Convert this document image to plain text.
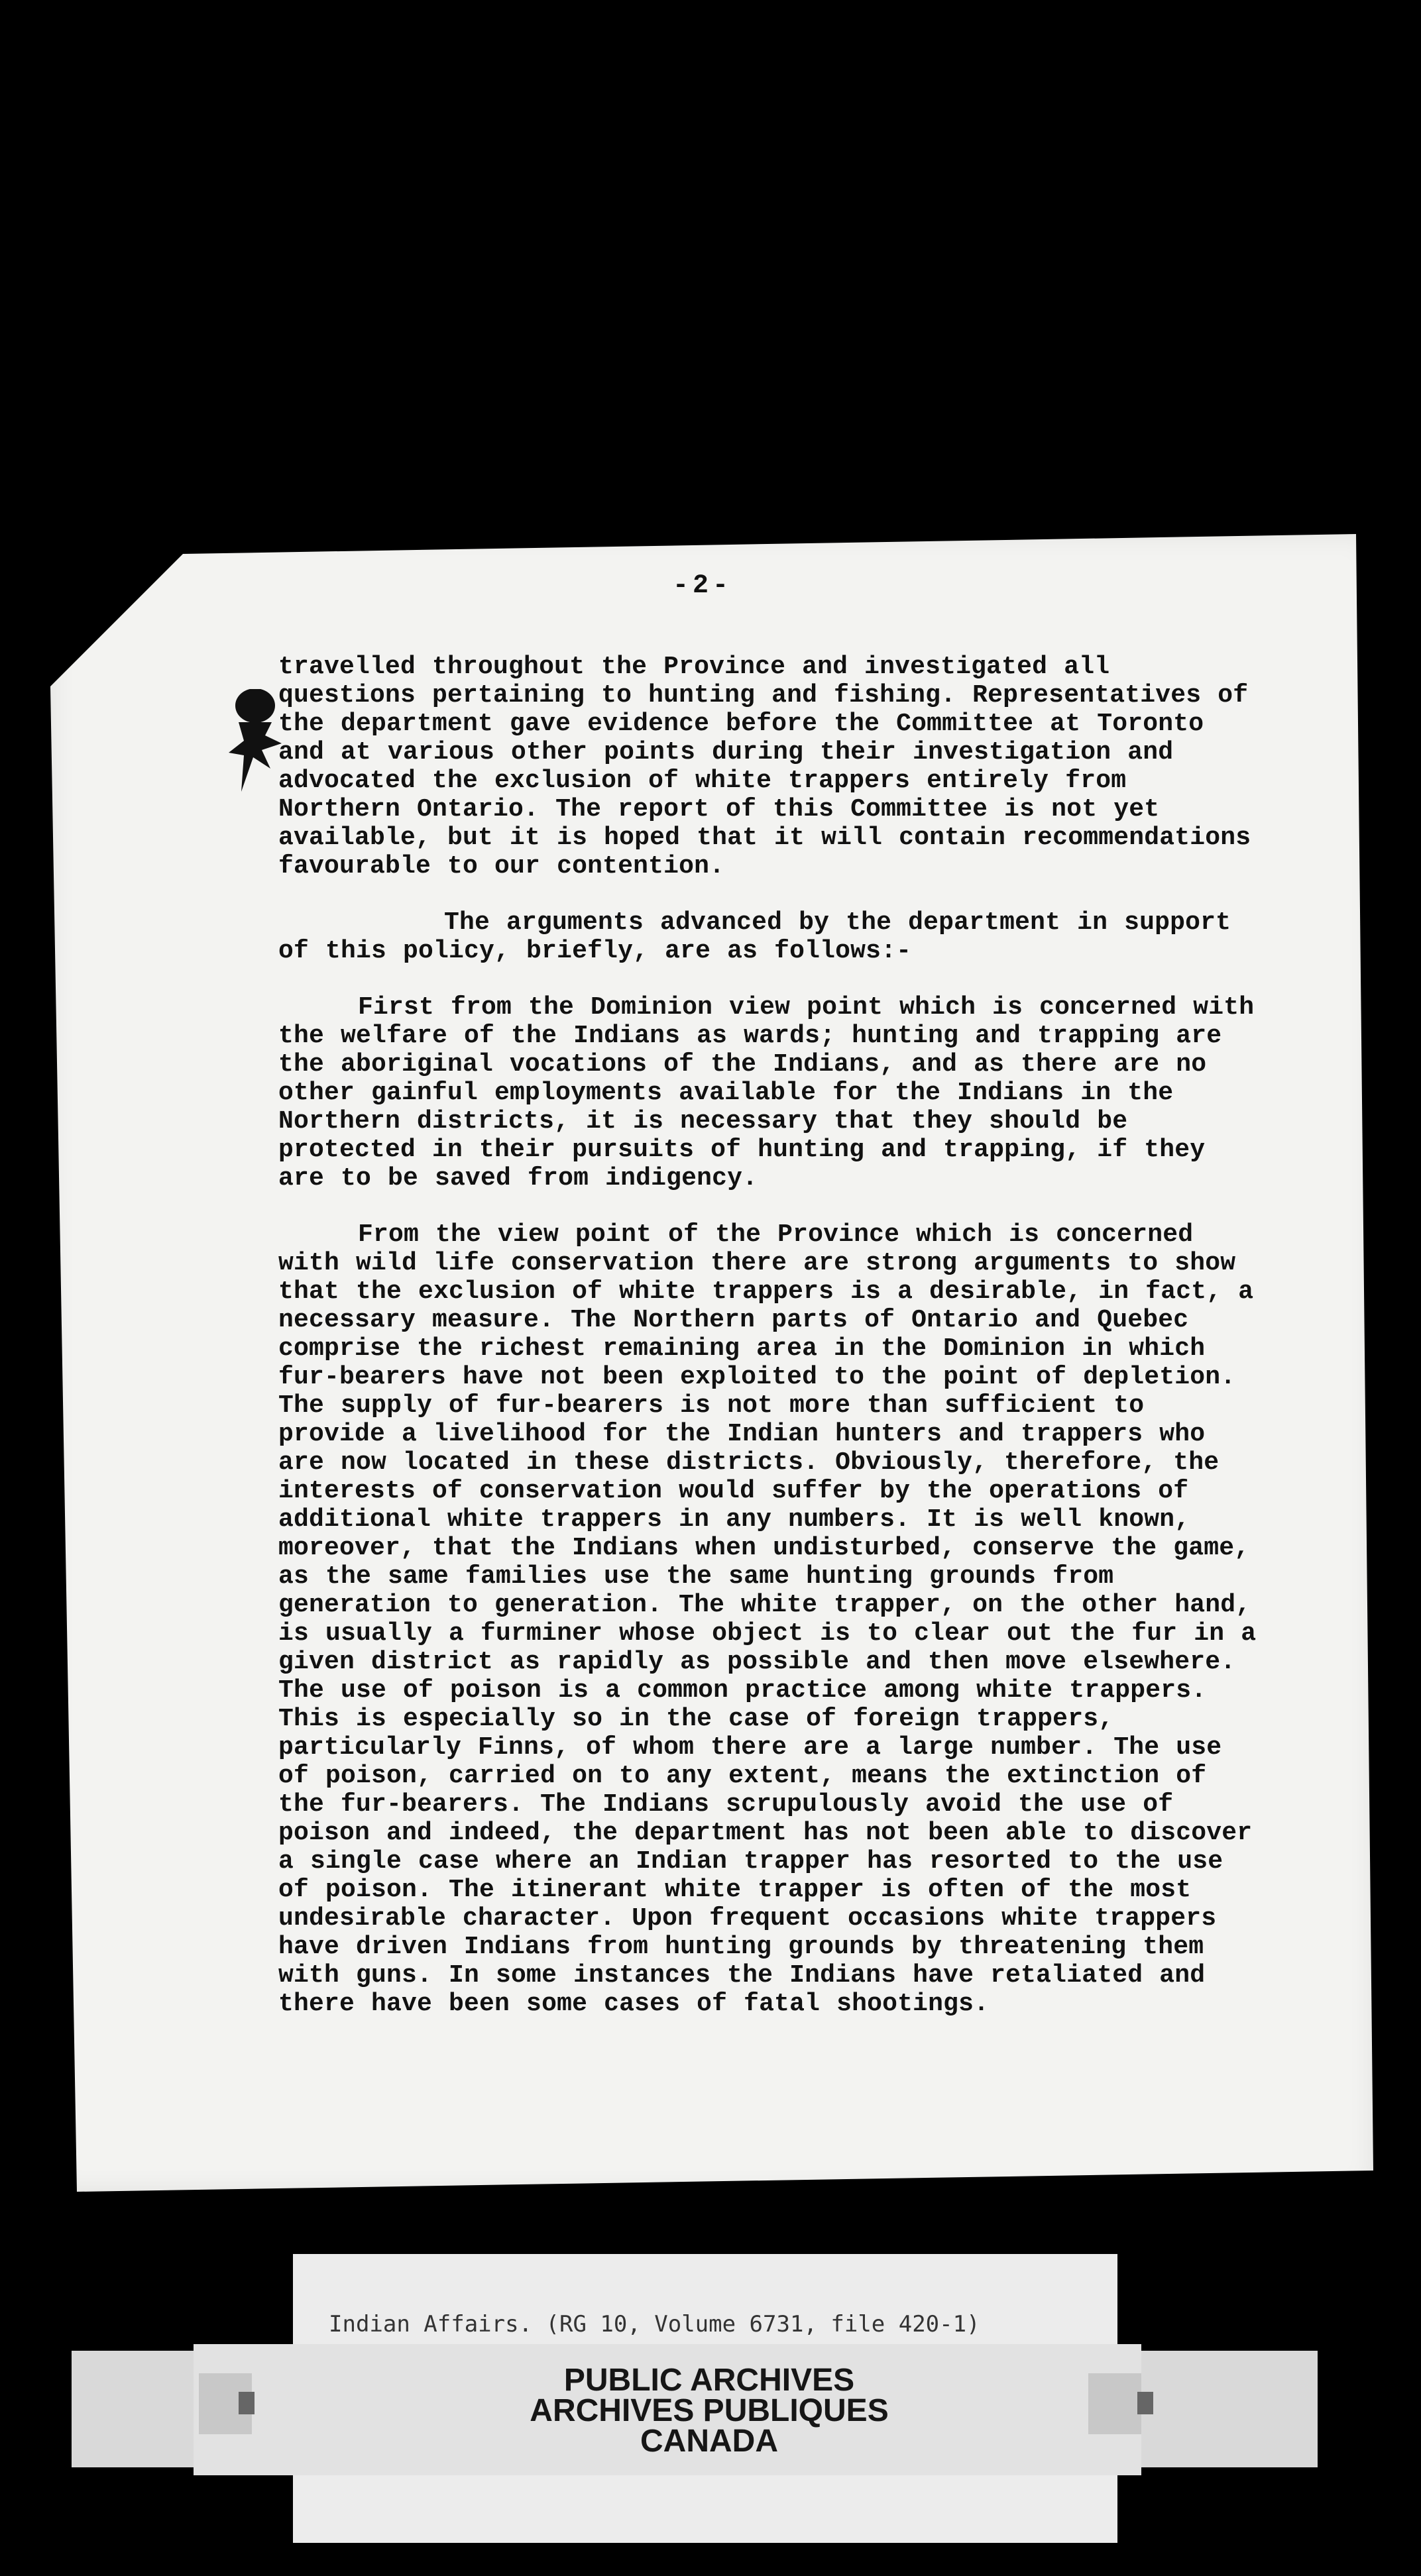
-2-

travelled throughout the Province and investigated all questions pertaining to hunting and fishing. Representatives of the department gave evidence before the Committee at Toronto and at various other points during their investigation and advocated the exclusion of white trappers entirely from Northern Ontario. The report of this Committee is not yet available, but it is hoped that it will contain recommendations favourable to our contention.

The arguments advanced by the department in support of this policy, briefly, are as follows:-

First from the Dominion view point which is concerned with the welfare of the Indians as wards; hunting and trapping are the aboriginal vocations of the Indians, and as there are no other gainful employments available for the Indians in the Northern districts, it is necessary that they should be protected in their pursuits of hunting and trapping, if they are to be saved from indigency.

From the view point of the Province which is concerned with wild life conservation there are strong arguments to show that the exclusion of white trappers is a desirable, in fact, a necessary measure. The Northern parts of Ontario and Quebec comprise the richest remaining area in the Dominion in which fur-bearers have not been exploited to the point of depletion. The supply of fur-bearers is not more than sufficient to provide a livelihood for the Indian hunters and trappers who are now located in these districts. Obviously, therefore, the interests of conservation would suffer by the operations of additional white trappers in any numbers. It is well known, moreover, that the Indians when undisturbed, conserve the game, as the same families use the same hunting grounds from generation to generation. The white trapper, on the other hand, is usually a furminer whose object is to clear out the fur in a given district as rapidly as possible and then move elsewhere. The use of poison is a common practice among white trappers. This is especially so in the case of foreign trappers, particularly Finns, of whom there are a large number. The use of poison, carried on to any extent, means the extinction of the fur-bearers. The Indians scrupulously avoid the use of poison and indeed, the department has not been able to discover a single case where an Indian trapper has resorted to the use of poison. The itinerant white trapper is often of the most undesirable character. Upon frequent occasions white trappers have driven Indians from hunting grounds by threatening them with guns. In some instances the Indians have retaliated and there have been some cases of fatal shootings.

Indian Affairs. (RG 10, Volume 6731, file 420-1)
PUBLIC ARCHIVES
ARCHIVES PUBLIQUES
CANADA
